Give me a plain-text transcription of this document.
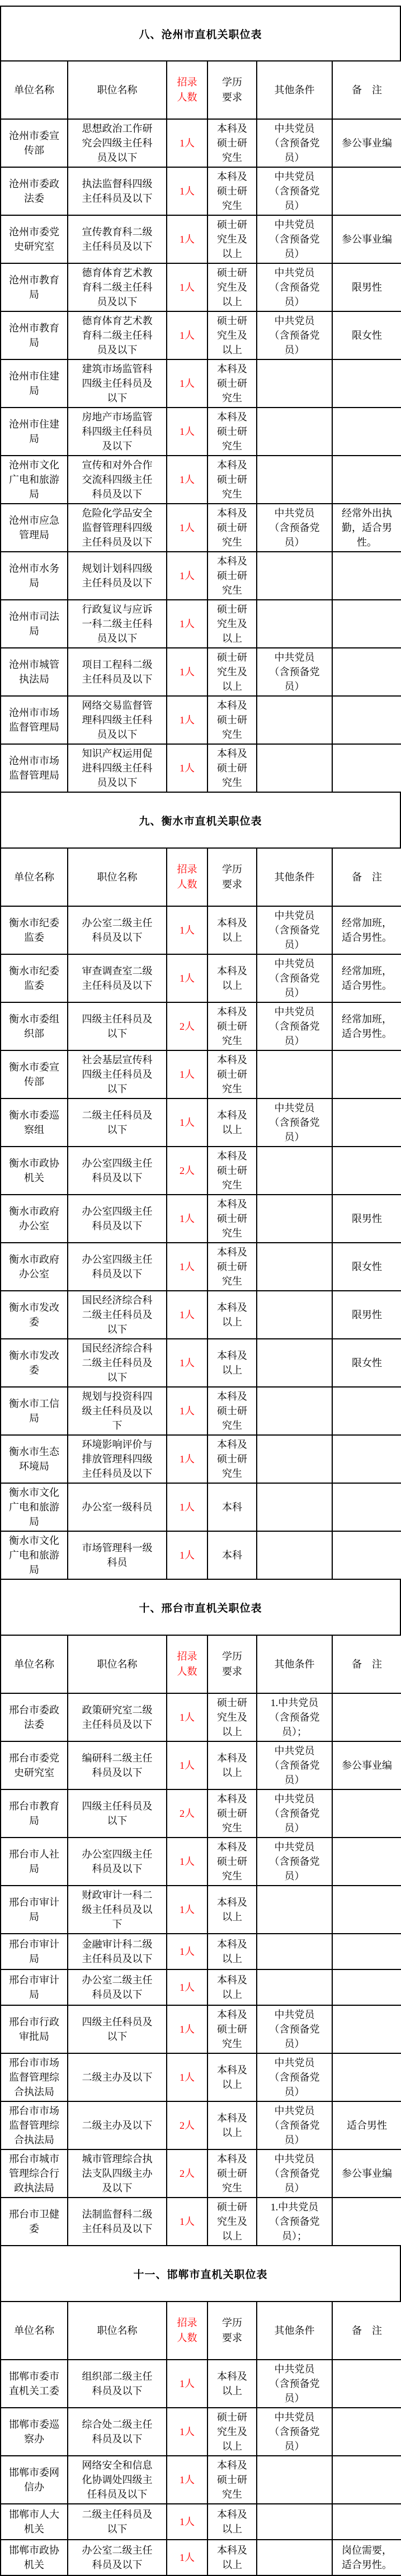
八、沧州市直机关职位表
单位名称	职位名称	招录人数	学历要求	其他条件	备　注
沧州市委宣传部	思想政治工作研究会四级主任科员及以下	1人	本科及硕士研究生	中共党员（含预备党员）	参公事业编
沧州市委政法委	执法监督科四级主任科员及以下	1人	本科及硕士研究生	中共党员（含预备党员）	
沧州市委党史研究室	宣传教育科二级主任科员及以下	1人	硕士研究生及以上	中共党员（含预备党员）	参公事业编
沧州市教育局	德育体育艺术教育科二级主任科员及以下	1人	硕士研究生及以上	中共党员（含预备党员）	限男性
沧州市教育局	德育体育艺术教育科二级主任科员及以下	1人	硕士研究生及以上	中共党员（含预备党员）	限女性
沧州市住建局	建筑市场监管科四级主任科员及以下	1人	本科及硕士研究生		
沧州市住建局	房地产市场监管科四级主任科员及以下	1人	本科及硕士研究生		
沧州市文化广电和旅游局	宣传和对外合作交流科四级主任科员及以下	1人	本科及硕士研究生		
沧州市应急管理局	危险化学品安全监督管理科四级主任科员及以下	1人	本科及硕士研究生	中共党员（含预备党员）	经常外出执勤，适合男性。
沧州市水务局	规划计划科四级主任科员及以下	1人	本科及硕士研究生		
沧州市司法局	行政复议与应诉一科二级主任科员及以下	1人	硕士研究生及以上		
沧州市城管执法局	项目工程科二级主任科员及以下	1人	硕士研究生及以上	中共党员（含预备党员）	
沧州市市场监督管理局	网络交易监督管理科四级主任科员及以下	1人	本科及硕士研究生		
沧州市市场监督管理局	知识产权运用促进科四级主任科员及以下	1人	本科及硕士研究生		
九、衡水市直机关职位表
单位名称	职位名称	招录人数	学历要求	其他条件	备　注
衡水市纪委监委	办公室二级主任科员及以下	1人	本科及以上	中共党员（含预备党员）	经常加班，适合男性。
衡水市纪委监委	审查调查室二级主任科员及以下	1人	本科及以上	中共党员（含预备党员）	经常加班，适合男性。
衡水市委组织部	四级主任科员及以下	2人	本科及硕士研究生	中共党员（含预备党员）	经常加班，适合男性。
衡水市委宣传部	社会基层宣传科四级主任科员及以下	1人	本科及硕士研究生		
衡水市委巡察组	二级主任科员及以下	1人	本科及以上	中共党员（含预备党员）	
衡水市政协机关	办公室四级主任科员及以下	2人	本科及硕士研究生		
衡水市政府办公室	办公室四级主任科员及以下	1人	本科及硕士研究生		限男性
衡水市政府办公室	办公室四级主任科员及以下	1人	本科及硕士研究生		限女性
衡水市发改委	国民经济综合科二级主任科员及以下	1人	本科及以上		限男性
衡水市发改委	国民经济综合科二级主任科员及以下	1人	本科及以上		限女性
衡水市工信局	规划与投资科四级主任科员及以下	1人	本科及硕士研究生		
衡水市生态环境局	环境影响评价与排放管理科四级主任科员及以下	1人	本科及硕士研究生		
衡水市文化广电和旅游局	办公室一级科员	1人	本科		
衡水市文化广电和旅游局	市场管理科一级科员	1人	本科		
十、邢台市直机关职位表
单位名称	职位名称	招录人数	学历要求	其他条件	备　注
邢台市委政法委	政策研究室二级主任科员及以下	1人	硕士研究生及以上	1.中共党员（含预备党员）；	
邢台市委党史研究室	编研科二级主任科员及以下	1人	本科及以上	中共党员（含预备党员）	参公事业编
邢台市教育局	四级主任科员及以下	2人	本科及硕士研究生	中共党员（含预备党员）	
邢台市人社局	办公室四级主任科员及以下	1人	本科及硕士研究生	中共党员（含预备党员）	
邢台市审计局	财政审计一科二级主任科员及以下	1人	本科及以上		
邢台市审计局	金融审计科二级主任科员及以下	1人	本科及以上		
邢台市审计局	办公室二级主任科员及以下	1人	本科及以上		
邢台市行政审批局	四级主任科员及以下	1人	本科及硕士研究生	中共党员（含预备党员）	
邢台市市场监督管理综合执法局	二级主办及以下	1人	本科及以上	中共党员（含预备党员）	
邢台市市场监督管理综合执法局	二级主办及以下	2人	本科及以上	中共党员（含预备党员）	适合男性
邢台市城市管理综合行政执法局	城市管理综合执法支队四级主办及以下	2人	本科及硕士研究生	中共党员（含预备党员）	参公事业编
邢台市卫健委	法制监督科二级主任科员及以下	1人	硕士研究生及以上	1.中共党员（含预备党员）；	
十一、邯郸市直机关职位表
单位名称	职位名称	招录人数	学历要求	其他条件	备　注
邯郸市委市直机关工委	组织部二级主任科员及以下	1人	本科及以上	中共党员（含预备党员）	
邯郸市委巡察办	综合处二级主任科员及以下	1人	硕士研究生及以上	中共党员（含预备党员）	
邯郸市委网信办	网络安全和信息化协调处四级主任科员及以下	1人	本科及硕士研究生		
邯郸市人大机关	二级主任科员及以下	1人	本科及以上		
邯郸市政协机关	办公室二级主任科员及以下	1人	本科及以上		岗位需要，适合男性。
